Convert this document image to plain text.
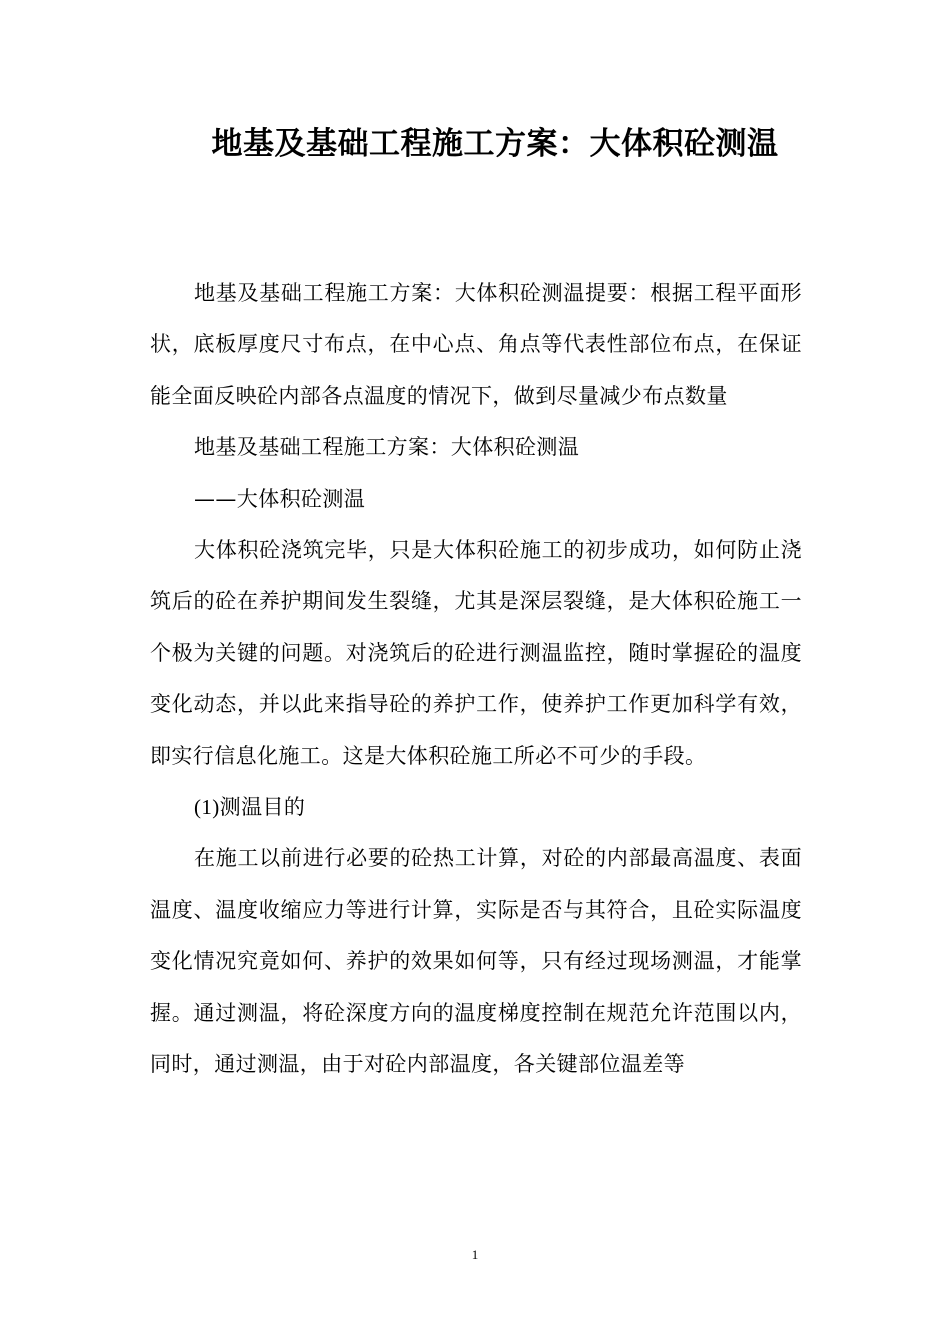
地基及基础工程施工方案：大体积砼测温

地基及基础工程施工方案：大体积砼测温提要：根据工程平面形状，底板厚度尺寸布点，在中心点、角点等代表性部位布点，在保证能全面反映砼内部各点温度的情况下，做到尽量减少布点数量

地基及基础工程施工方案：大体积砼测温

——大体积砼测温

大体积砼浇筑完毕，只是大体积砼施工的初步成功，如何防止浇筑后的砼在养护期间发生裂缝，尤其是深层裂缝，是大体积砼施工一个极为关键的问题。对浇筑后的砼进行测温监控，随时掌握砼的温度变化动态，并以此来指导砼的养护工作，使养护工作更加科学有效，即实行信息化施工。这是大体积砼施工所必不可少的手段。

(1)测温目的

在施工以前进行必要的砼热工计算，对砼的内部最高温度、表面温度、温度收缩应力等进行计算，实际是否与其符合，且砼实际温度变化情况究竟如何、养护的效果如何等，只有经过现场测温，才能掌握。通过测温，将砼深度方向的温度梯度控制在规范允许范围以内，同时，通过测温，由于对砼内部温度，各关键部位温差等

1
